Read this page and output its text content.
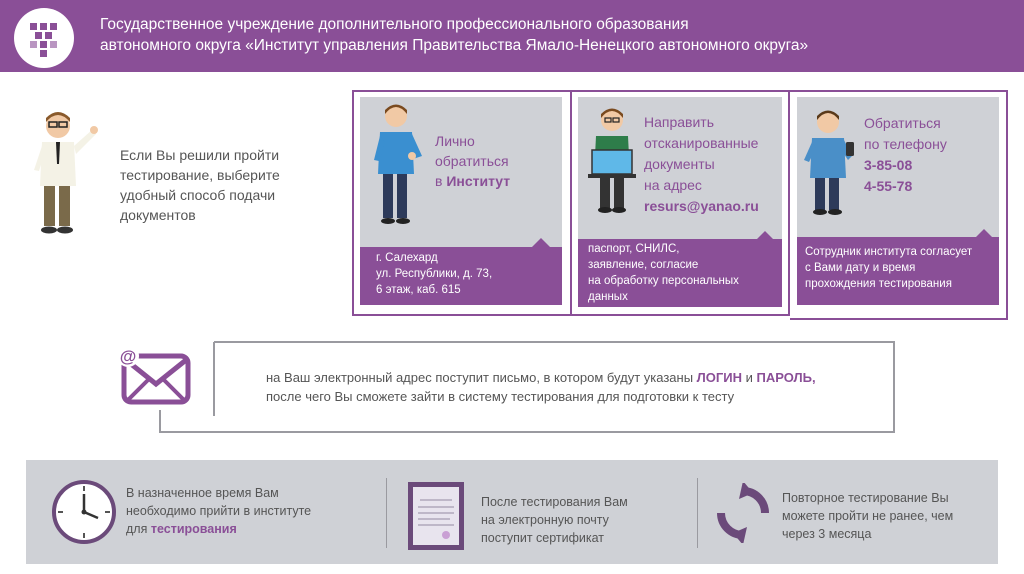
Государственное учреждение дополнительного профессионального образования
автономного округа «Институт управления Правительства Ямало-Ненецкого автономного округа»
Если Вы решили пройти тестирование, выберите удобный способ подачи документов
Лично
обратиться
в Институт
г. Салехард
ул. Республики, д. 73,
6 этаж, каб. 615
Направить
отсканированные
документы
на адрес
resurs@yanao.ru
паспорт, СНИЛС,
заявление, согласие
на обработку персональных
данных
Обратиться
по телефону
3-85-08
4-55-78
Сотрудник института согласует
с Вами дату и время
прохождения тестирования
@
на Ваш электронный адрес поступит письмо, в котором будут указаны ЛОГИН и ПАРОЛЬ,
после чего Вы сможете зайти в систему тестирования для подготовки к тесту
В назначенное время Вам
необходимо прийти в институте
для тестирования
После тестирования Вам
на электронную почту
поступит сертификат
Повторное тестирование Вы
можете пройти не ранее, чем
через 3 месяца
